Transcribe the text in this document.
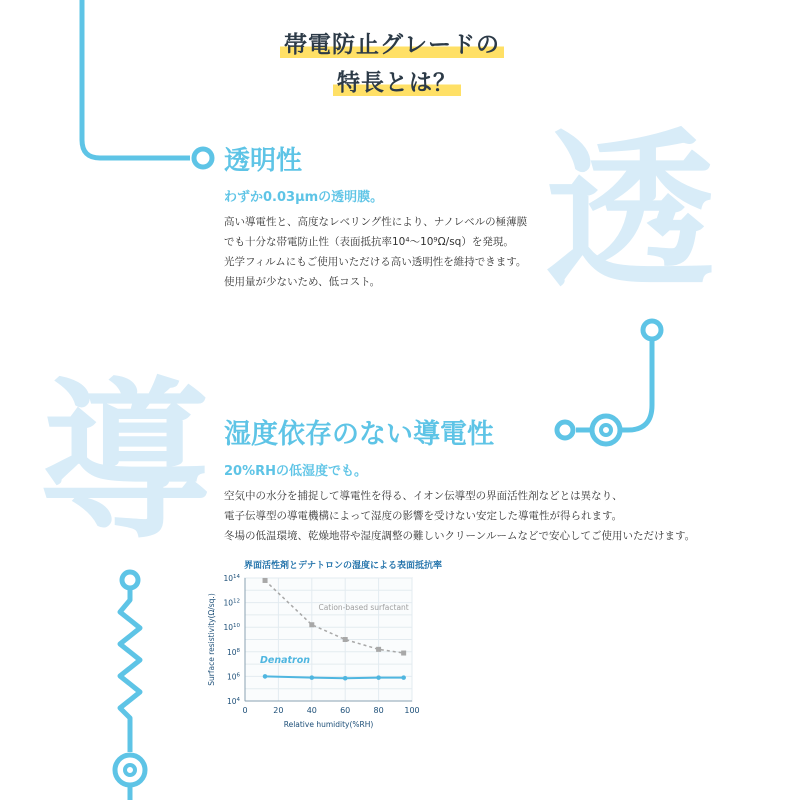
透
導
帯電防止グレードの
特長とは？
透明性
わずか0.03μmの透明膜。
高い導電性と、高度なレベリング性により、ナノレベルの極薄膜
でも十分な帯電防止性（表面抵抗率10⁴〜10⁹Ω/sq）を発現。
光学フィルムにもご使用いただける高い透明性を維持できます。
使用量が少ないため、低コスト。
湿度依存のない導電性
20%RHの低湿度でも。
空気中の水分を捕捉して導電性を得る、イオン伝導型の界面活性剤などとは異なり、
電子伝導型の導電機構によって湿度の影響を受けない安定した導電性が得られます。
冬場の低温環境、乾燥地帯や湿度調整の難しいクリーンルームなどで安心してご使用いただけます。
界面活性剤とデナトロンの湿度による表面抵抗率
0	20	40	60	80	100
$10^{14}$
$10^{12}$
$10^{10}$
$10^8$
$10^6$
$10^4$
Relative humidity(%RH)
Surface resistivity(Ω/sq.)	Cation-based surfactant
Denatron
